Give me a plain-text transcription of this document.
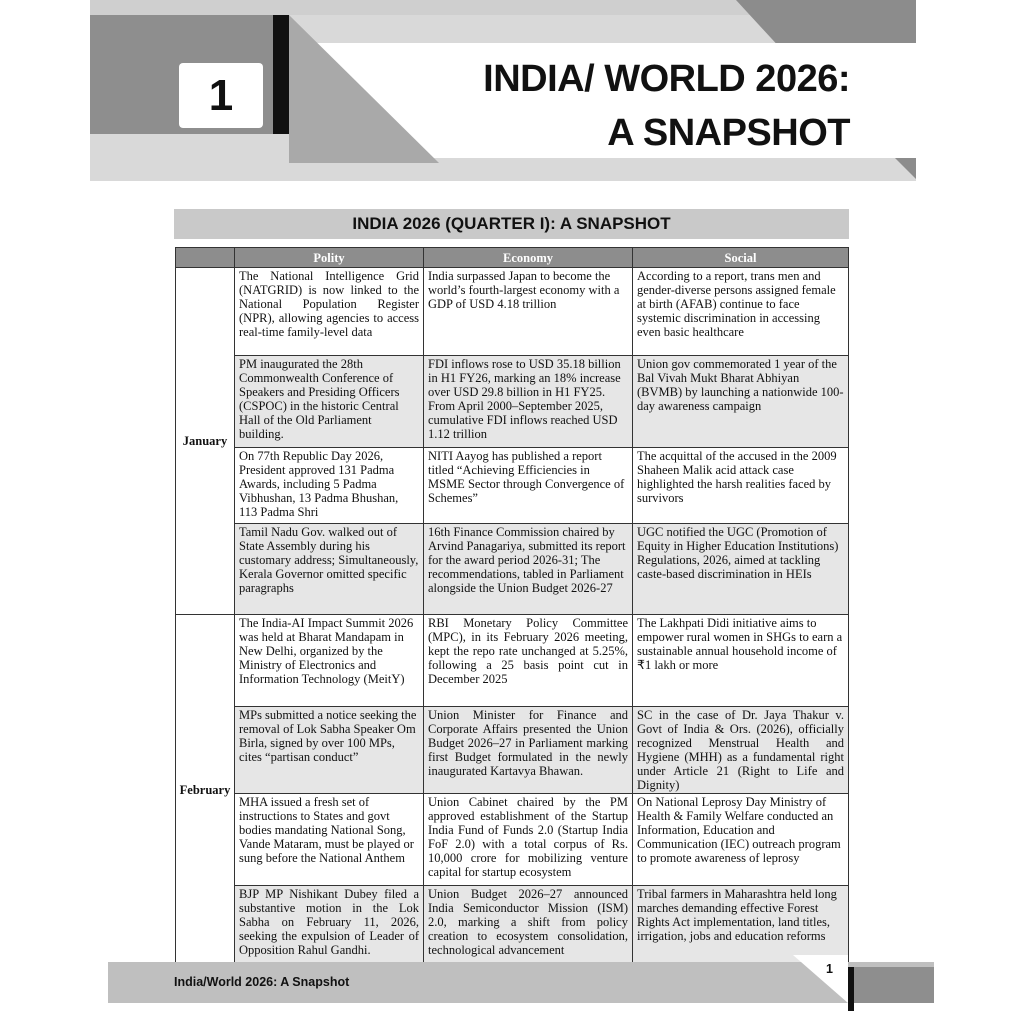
1	INDIA/ WORLD 2026:
A SNAPSHOT
INDIA 2026 (QUARTER I): A SNAPSHOT
	Polity	Economy	Social
January	The National Intelligence Grid (NATGRID) is now linked to the National Population Register (NPR), allowing agencies to access real-time family-level data	India surpassed Japan to become the world’s fourth-largest economy with a GDP of USD 4.18 trillion	According to a report, trans men and gender-diverse persons assigned female at birth (AFAB) continue to face systemic discrimination in accessing even basic healthcare
	PM inaugurated the 28th Commonwealth Conference of Speakers and Presiding Officers (CSPOC) in the historic Central Hall of the Old Parliament building.	FDI inflows rose to USD 35.18 billion in H1 FY26, marking an 18% increase over USD 29.8 billion in H1 FY25. From April 2000–September 2025, cumulative FDI inflows reached USD 1.12 trillion	Union gov commemorated 1 year of the Bal Vivah Mukt Bharat Abhiyan (BVMB) by launching a nationwide 100-day awareness campaign
	On 77th Republic Day 2026, President approved 131 Padma Awards, including 5 Padma Vibhushan, 13 Padma Bhushan, 113 Padma Shri	NITI Aayog has published a report titled “Achieving Efficiencies in MSME Sector through Convergence of Schemes”	The acquittal of the accused in the 2009 Shaheen Malik acid attack case highlighted the harsh realities faced by survivors
	Tamil Nadu Gov. walked out of State Assembly during his customary address; Simultaneously, Kerala Governor omitted specific paragraphs	16th Finance Commission chaired by Arvind Panagariya, submitted its report for the award period 2026-31; The recommendations, tabled in Parliament alongside the Union Budget 2026-27	UGC notified the UGC (Promotion of Equity in Higher Education Institutions) Regulations, 2026, aimed at tackling caste-based discrimination in HEIs
February	The India-AI Impact Summit 2026 was held at Bharat Mandapam in New Delhi, organized by the Ministry of Electronics and Information Technology (MeitY)	RBI Monetary Policy Committee (MPC), in its February 2026 meeting, kept the repo rate unchanged at 5.25%, following a 25 basis point cut in December 2025	The Lakhpati Didi initiative aims to empower rural women in SHGs to earn a sustainable annual household income of ₹1 lakh or more
	MPs submitted a notice seeking the removal of Lok Sabha Speaker Om Birla, signed by over 100 MPs, cites “partisan conduct”	Union Minister for Finance and Corporate Affairs presented the Union Budget 2026–27 in Parliament marking first Budget formulated in the newly inaugurated Kartavya Bhawan.	SC in the case of Dr. Jaya Thakur v. Govt of India & Ors. (2026), officially recognized Menstrual Health and Hygiene (MHH) as a fundamental right under Article 21 (Right to Life and Dignity)
	MHA issued a fresh set of instructions to States and govt bodies mandating National Song, Vande Mataram, must be played or sung before the National Anthem	Union Cabinet chaired by the PM approved establishment of the Startup India Fund of Funds 2.0 (Startup India FoF 2.0) with a total corpus of Rs. 10,000 crore for mobilizing venture capital for startup ecosystem	On National Leprosy Day Ministry of Health & Family Welfare conducted an Information, Education and Communication (IEC) outreach program to promote awareness of leprosy
	BJP MP Nishikant Dubey filed a substantive motion in the Lok Sabha on February 11, 2026, seeking the expulsion of Leader of Opposition Rahul Gandhi.	Union Budget 2026–27 announced India Semiconductor Mission (ISM) 2.0, marking a shift from policy creation to ecosystem consolidation, technological advancement	Tribal farmers in Maharashtra held long marches demanding effective Forest Rights Act implementation, land titles, irrigation, jobs and education reforms
India/World 2026: A Snapshot
1
